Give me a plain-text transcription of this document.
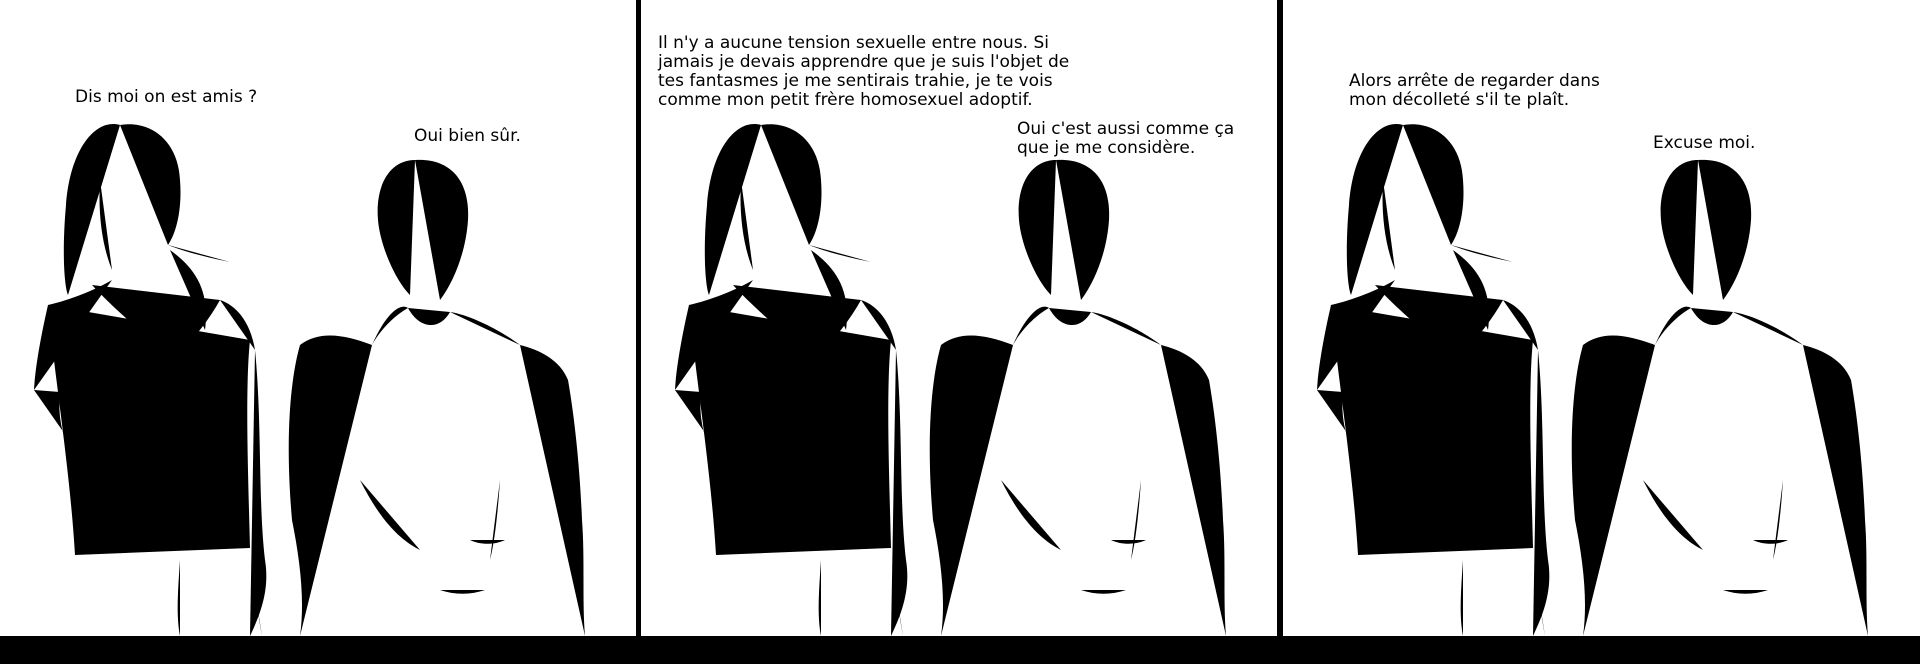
Dis moi on est amis ?
Oui bien sûr.
Il n'y a aucune tension sexuelle entre nous. Si jamais je devais apprendre que je suis l'objet de tes fantasmes je me sentirais trahie, je te vois comme mon petit frère homosexuel adoptif.
Oui c'est aussi comme ça que je me considère.
Alors arrête de regarder dans mon décolleté s'il te plaît.
Excuse moi.
